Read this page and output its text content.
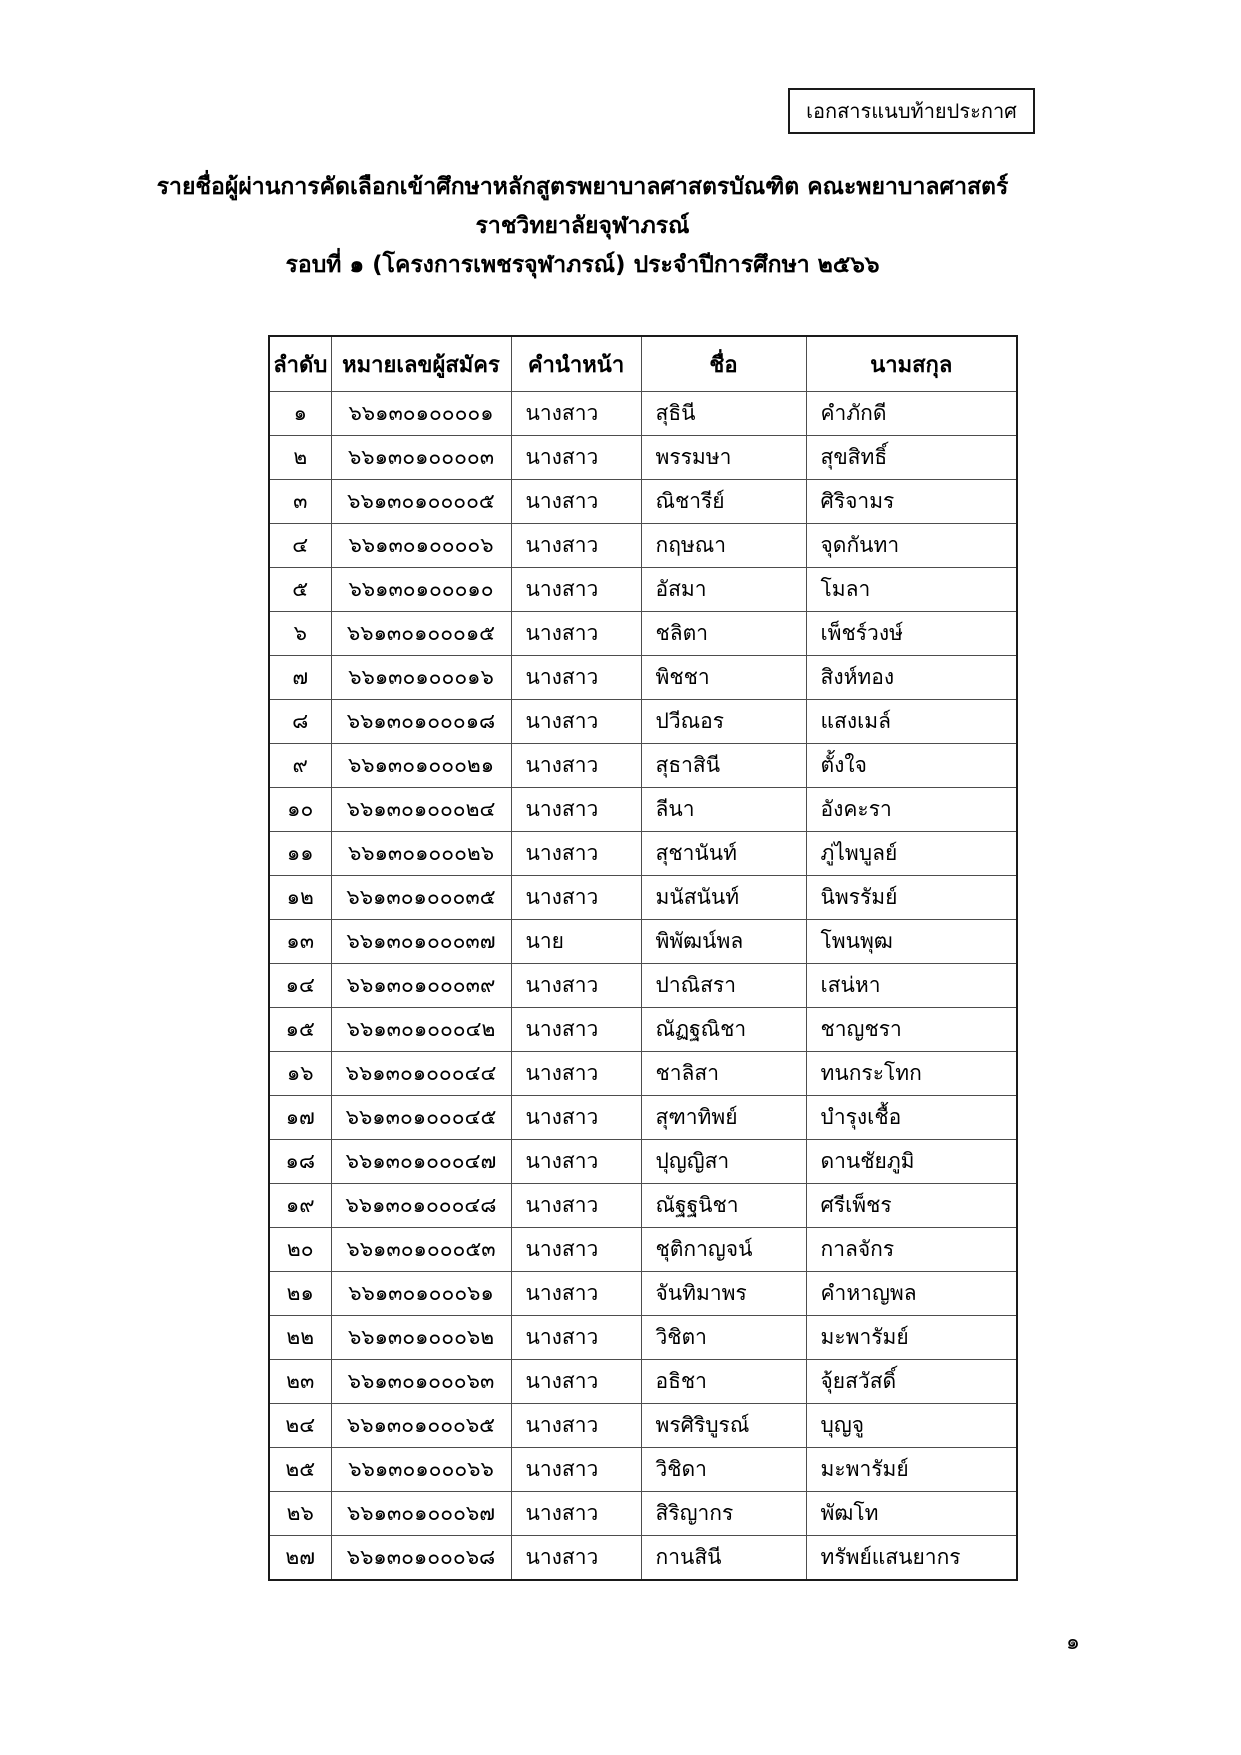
เอกสารแนบท้ายประกาศ
รายชื่อผู้ผ่านการคัดเลือกเข้าศึกษาหลักสูตรพยาบาลศาสตรบัณฑิต คณะพยาบาลศาสตร์
ราชวิทยาลัยจุฬาภรณ์
รอบที่ ๑ (โครงการเพชรจุฬาภรณ์) ประจำปีการศึกษา ๒๕๖๖
ลำดับ	หมายเลขผู้สมัคร	คำนำหน้า	ชื่อ	นามสกุล
๑	๖๖๑๓๐๑๐๐๐๐๑	นางสาว	สุธินี	คำภักดี
๒	๖๖๑๓๐๑๐๐๐๐๓	นางสาว	พรรมษา	สุขสิทธิ์
๓	๖๖๑๓๐๑๐๐๐๐๕	นางสาว	ณิชารีย์	ศิริจามร
๔	๖๖๑๓๐๑๐๐๐๐๖	นางสาว	กฤษณา	จุดกันทา
๕	๖๖๑๓๐๑๐๐๐๑๐	นางสาว	อัสมา	โมลา
๖	๖๖๑๓๐๑๐๐๐๑๕	นางสาว	ชลิตา	เพ็ชร์วงษ์
๗	๖๖๑๓๐๑๐๐๐๑๖	นางสาว	พิชชา	สิงห์ทอง
๘	๖๖๑๓๐๑๐๐๐๑๘	นางสาว	ปวีณอร	แสงเมล์
๙	๖๖๑๓๐๑๐๐๐๒๑	นางสาว	สุธาสินี	ตั้งใจ
๑๐	๖๖๑๓๐๑๐๐๐๒๔	นางสาว	ลีนา	อังคะรา
๑๑	๖๖๑๓๐๑๐๐๐๒๖	นางสาว	สุชานันท์	ภู่ไพบูลย์
๑๒	๖๖๑๓๐๑๐๐๐๓๕	นางสาว	มนัสนันท์	นิพรรัมย์
๑๓	๖๖๑๓๐๑๐๐๐๓๗	นาย	พิพัฒน์พล	โพนพุฒ
๑๔	๖๖๑๓๐๑๐๐๐๓๙	นางสาว	ปาณิสรา	เสน่หา
๑๕	๖๖๑๓๐๑๐๐๐๔๒	นางสาว	ณัฏฐณิชา	ชาญชรา
๑๖	๖๖๑๓๐๑๐๐๐๔๔	นางสาว	ชาลิสา	ทนกระโทก
๑๗	๖๖๑๓๐๑๐๐๐๔๕	นางสาว	สุฑาทิพย์	บำรุงเชื้อ
๑๘	๖๖๑๓๐๑๐๐๐๔๗	นางสาว	ปุญญิสา	ดานชัยภูมิ
๑๙	๖๖๑๓๐๑๐๐๐๔๘	นางสาว	ณัฐฐนิชา	ศรีเพ็ชร
๒๐	๖๖๑๓๐๑๐๐๐๕๓	นางสาว	ชุติกาญจน์	กาลจักร
๒๑	๖๖๑๓๐๑๐๐๐๖๑	นางสาว	จันทิมาพร	คำหาญพล
๒๒	๖๖๑๓๐๑๐๐๐๖๒	นางสาว	วิชิตา	มะพารัมย์
๒๓	๖๖๑๓๐๑๐๐๐๖๓	นางสาว	อธิชา	จุ้ยสวัสดิ์
๒๔	๖๖๑๓๐๑๐๐๐๖๕	นางสาว	พรศิริบูรณ์	บุญจู
๒๕	๖๖๑๓๐๑๐๐๐๖๖	นางสาว	วิชิดา	มะพารัมย์
๒๖	๖๖๑๓๐๑๐๐๐๖๗	นางสาว	สิริญากร	พัฒโท
๒๗	๖๖๑๓๐๑๐๐๐๖๘	นางสาว	กานสินี	ทรัพย์แสนยากร
๑
